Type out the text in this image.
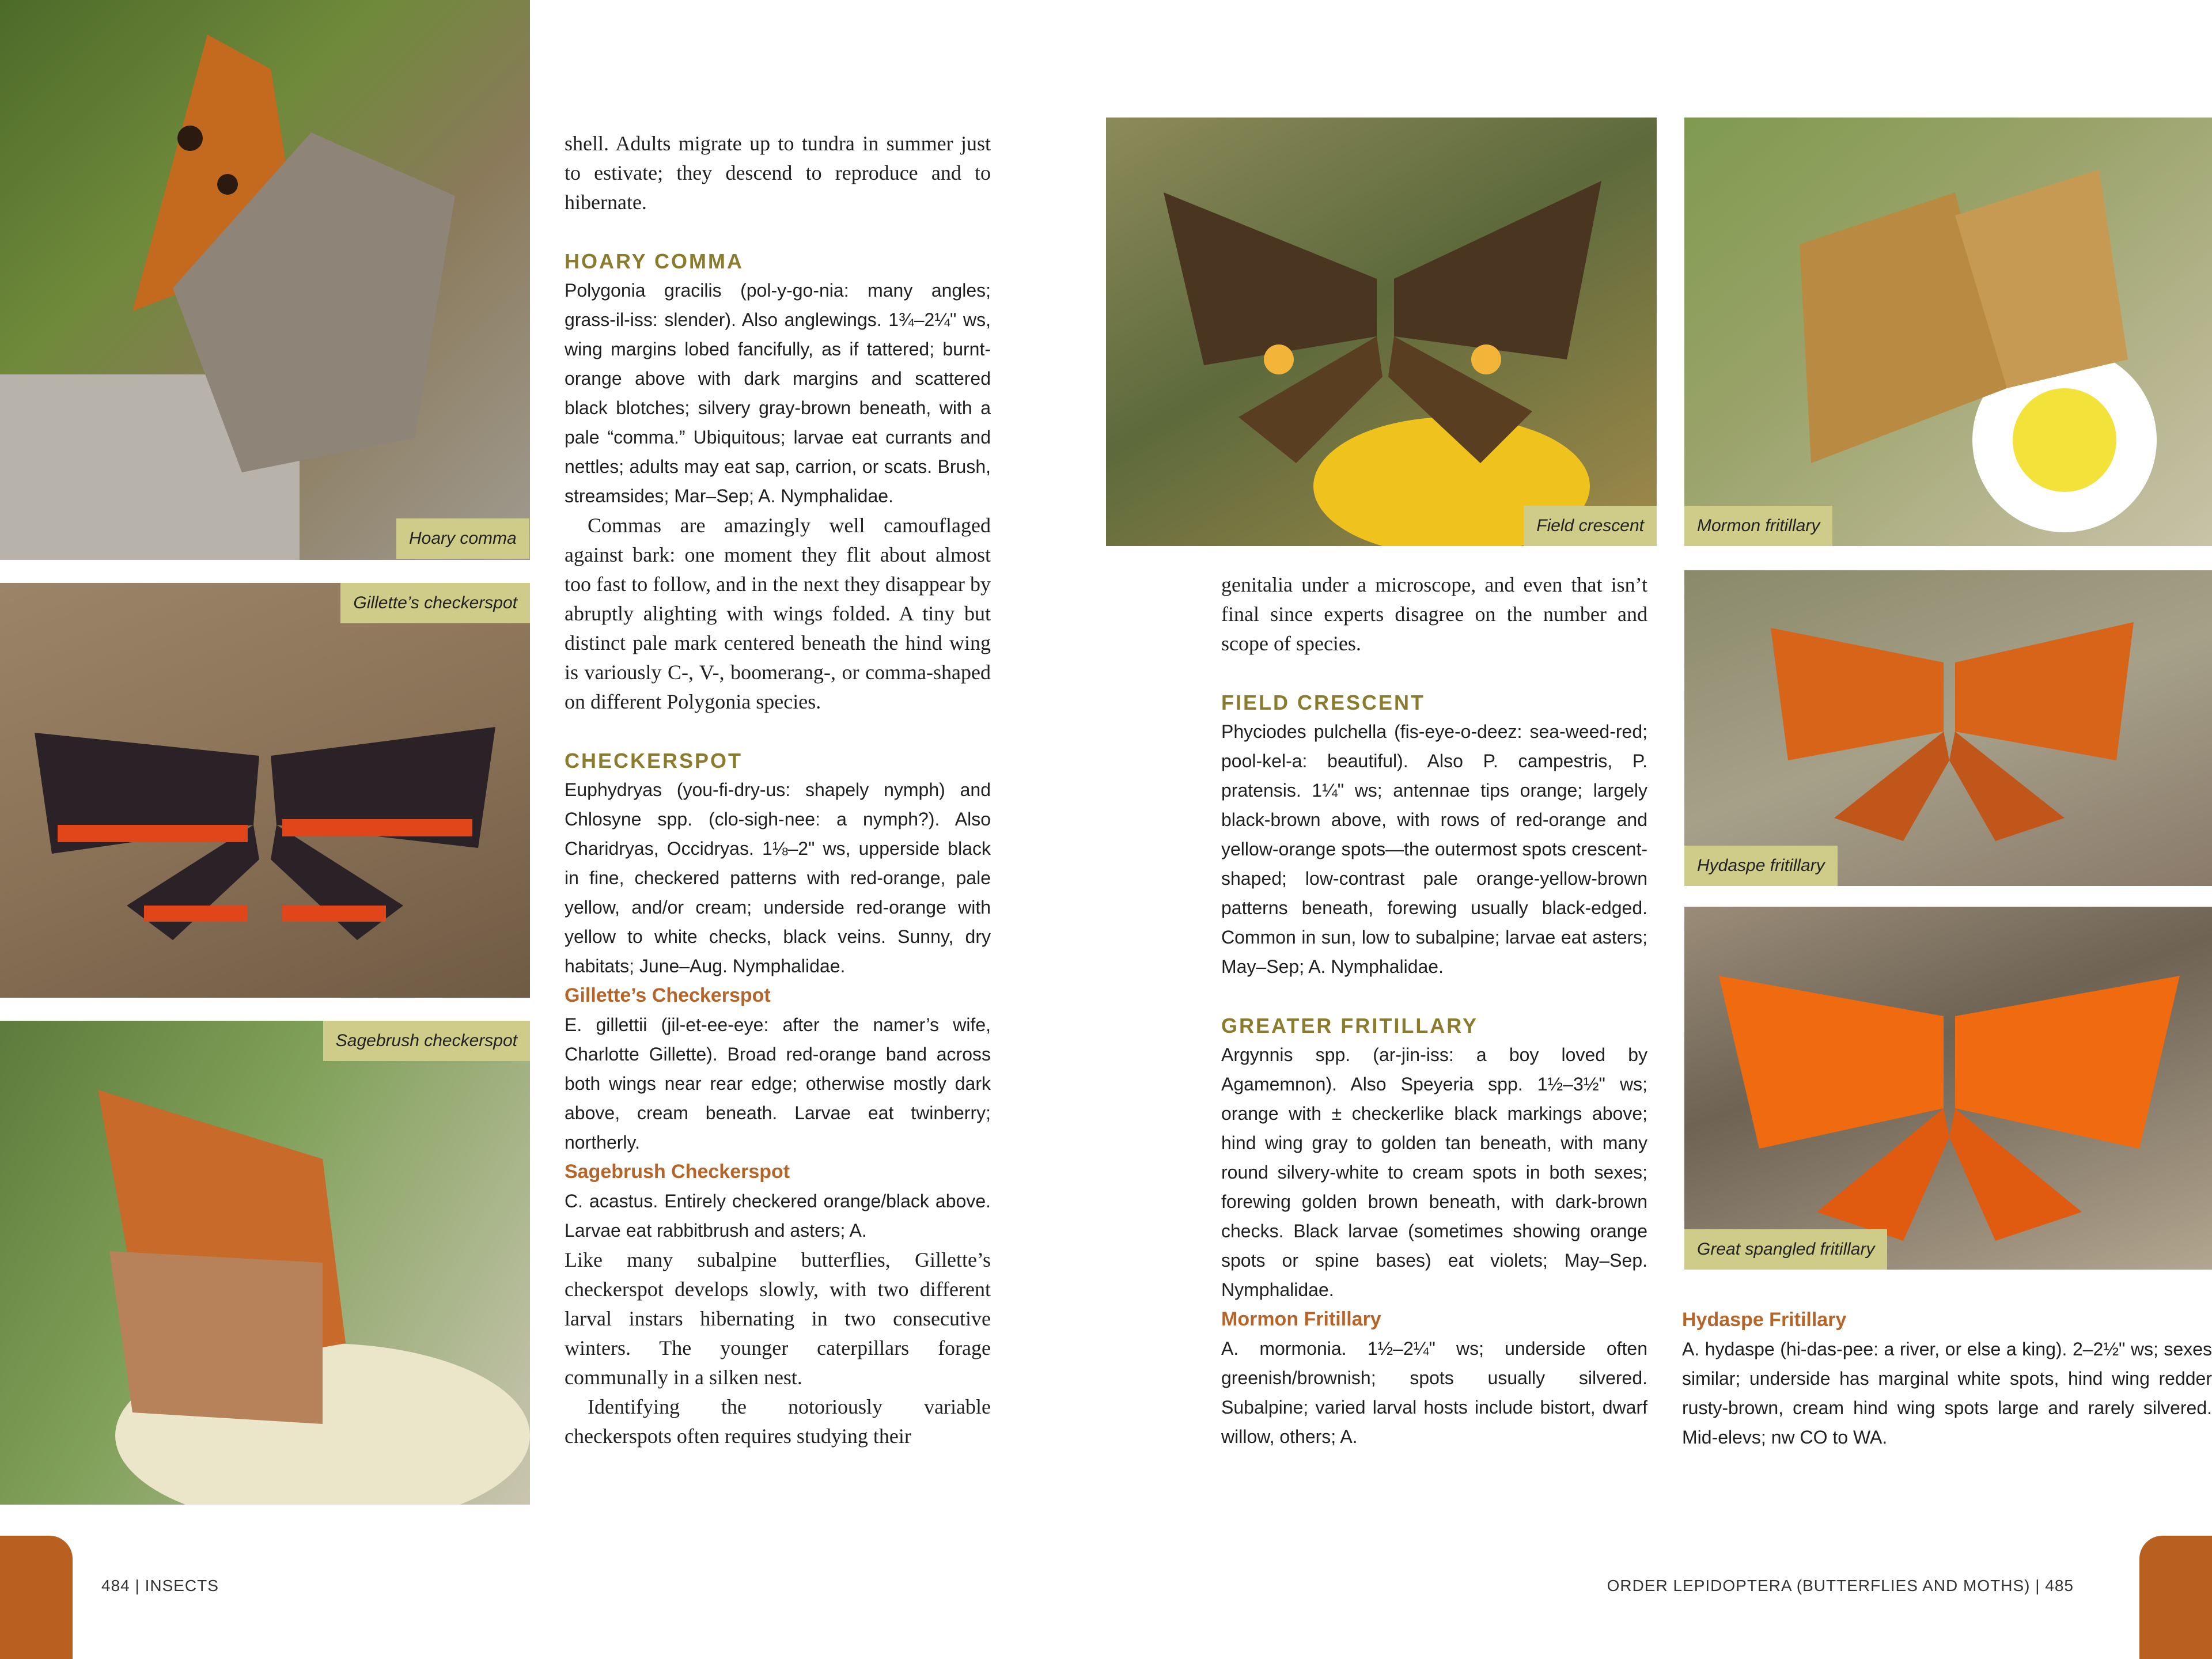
Hoary comma
Gillette’s checkerspot
Sagebrush checkerspot
Field crescent	Mormon fritillary
Hydaspe fritillary
Great spangled fritillary

shell. Adults migrate up to tundra in summer just to estivate; they descend to reproduce and to hibernate.

HOARY COMMA

Polygonia gracilis (pol-y-go-nia: many angles; grass-il-iss: slender). Also anglewings. 1¾–2¼" ws, wing margins lobed fancifully, as if tattered; burnt-orange above with dark margins and scattered black blotches; silvery gray-brown beneath, with a pale “comma.” Ubiquitous; larvae eat currants and nettles; adults may eat sap, carrion, or scats. Brush, streamsides; Mar–Sep; A. Nymphalidae.

Commas are amazingly well camouflaged against bark: one moment they flit about almost too fast to follow, and in the next they disappear by abruptly alighting with wings folded. A tiny but distinct pale mark centered beneath the hind wing is variously C-, V-, boomerang-, or comma-shaped on different Polygonia species.

CHECKERSPOT

Euphydryas (you-fi-dry-us: shapely nymph) and Chlosyne spp. (clo-sigh-nee: a nymph?). Also Charidryas, Occidryas. 1⅛–2" ws, upperside black in fine, checkered patterns with red-orange, pale yellow, and/or cream; underside red-orange with yellow to white checks, black veins. Sunny, dry habitats; June–Aug. Nymphalidae.

Gillette’s Checkerspot

E. gillettii (jil-et-ee-eye: after the namer’s wife, Charlotte Gillette). Broad red-orange band across both wings near rear edge; otherwise mostly dark above, cream beneath. Larvae eat twinberry; northerly.

Sagebrush Checkerspot

C. acastus. Entirely checkered orange/black above. Larvae eat rabbitbrush and asters; A.

Like many subalpine butterflies, Gillette’s checkerspot develops slowly, with two different larval instars hibernating in two consecutive winters. The younger caterpillars forage communally in a silken nest.

Identifying the notoriously variable checkerspots often requires studying their

genitalia under a microscope, and even that isn’t final since experts disagree on the number and scope of species.

FIELD CRESCENT

Phyciodes pulchella (fis-eye-o-deez: sea-weed-red; pool-kel-a: beautiful). Also P. campestris, P. pratensis. 1¼" ws; antennae tips orange; largely black-brown above, with rows of red-orange and yellow-orange spots—the outermost spots crescent-shaped; low-contrast pale orange-yellow-brown patterns beneath, forewing usually black-edged. Common in sun, low to subalpine; larvae eat asters; May–Sep; A. Nymphalidae.

GREATER FRITILLARY

Argynnis spp. (ar-jin-iss: a boy loved by Agamemnon). Also Speyeria spp. 1½–3½" ws; orange with ± checkerlike black markings above; hind wing gray to golden tan beneath, with many round silvery-white to cream spots in both sexes; forewing golden brown beneath, with dark-brown checks. Black larvae (sometimes showing orange spots or spine bases) eat violets; May–Sep. Nymphalidae.

Mormon Fritillary

A. mormonia. 1½–2¼" ws; underside often greenish/brownish; spots usually silvered. Subalpine; varied larval hosts include bistort, dwarf willow, others; A.

Hydaspe Fritillary

A. hydaspe (hi-das-pee: a river, or else a king). 2–2½" ws; sexes similar; underside has marginal white spots, hind wing redder rusty-brown, cream hind wing spots large and rarely silvered. Mid-elevs; nw CO to WA.

484 | INSECTS	ORDER LEPIDOPTERA (BUTTERFLIES AND MOTHS) | 485
